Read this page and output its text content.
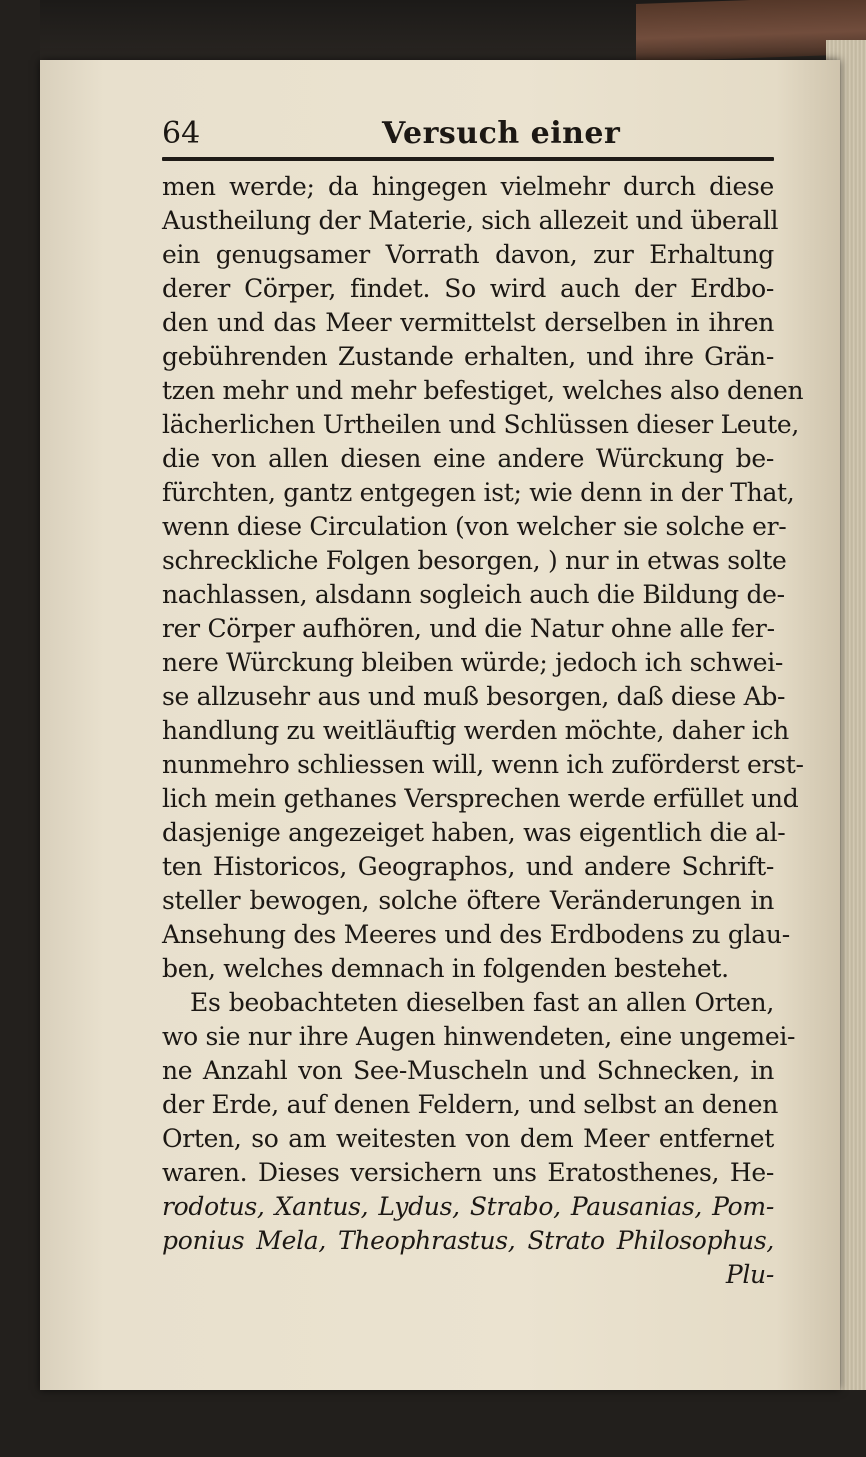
64	Versuch einer
men werde; da hingegen vielmehr durch diese
Austheilung der Materie, sich allezeit und überall
ein genugsamer Vorrath davon, zur Erhaltung
derer Cörper, findet. So wird auch der Erdbo-
den und das Meer vermittelst derselben in ihren
gebührenden Zustande erhalten, und ihre Grän-
tzen mehr und mehr befestiget, welches also denen
lächerlichen Urtheilen und Schlüssen dieser Leute,
die von allen diesen eine andere Würckung be-
fürchten, gantz entgegen ist; wie denn in der That,
wenn diese Circulation (von welcher sie solche er-
schreckliche Folgen besorgen, ) nur in etwas solte
nachlassen, alsdann sogleich auch die Bildung de-
rer Cörper aufhören, und die Natur ohne alle fer-
nere Würckung bleiben würde; jedoch ich schwei-
se allzusehr aus und muß besorgen, daß diese Ab-
handlung zu weitläuftig werden möchte, daher ich
nunmehro schliessen will, wenn ich zuförderst erst-
lich mein gethanes Versprechen werde erfüllet und
dasjenige angezeiget haben, was eigentlich die al-
ten Historicos, Geographos, und andere Schrift-
steller bewogen, solche öftere Veränderungen in
Ansehung des Meeres und des Erdbodens zu glau-
ben, welches demnach in folgenden bestehet.
Es beobachteten dieselben fast an allen Orten,
wo sie nur ihre Augen hinwendeten, eine ungemei-
ne Anzahl von See-Muscheln und Schnecken, in
der Erde, auf denen Feldern, und selbst an denen
Orten, so am weitesten von dem Meer entfernet
waren. Dieses versichern uns Eratosthenes, He-
rodotus, Xantus, Lydus, Strabo, Pausanias, Pom-
ponius Mela, Theophrastus, Strato Philosophus,
Plu-
